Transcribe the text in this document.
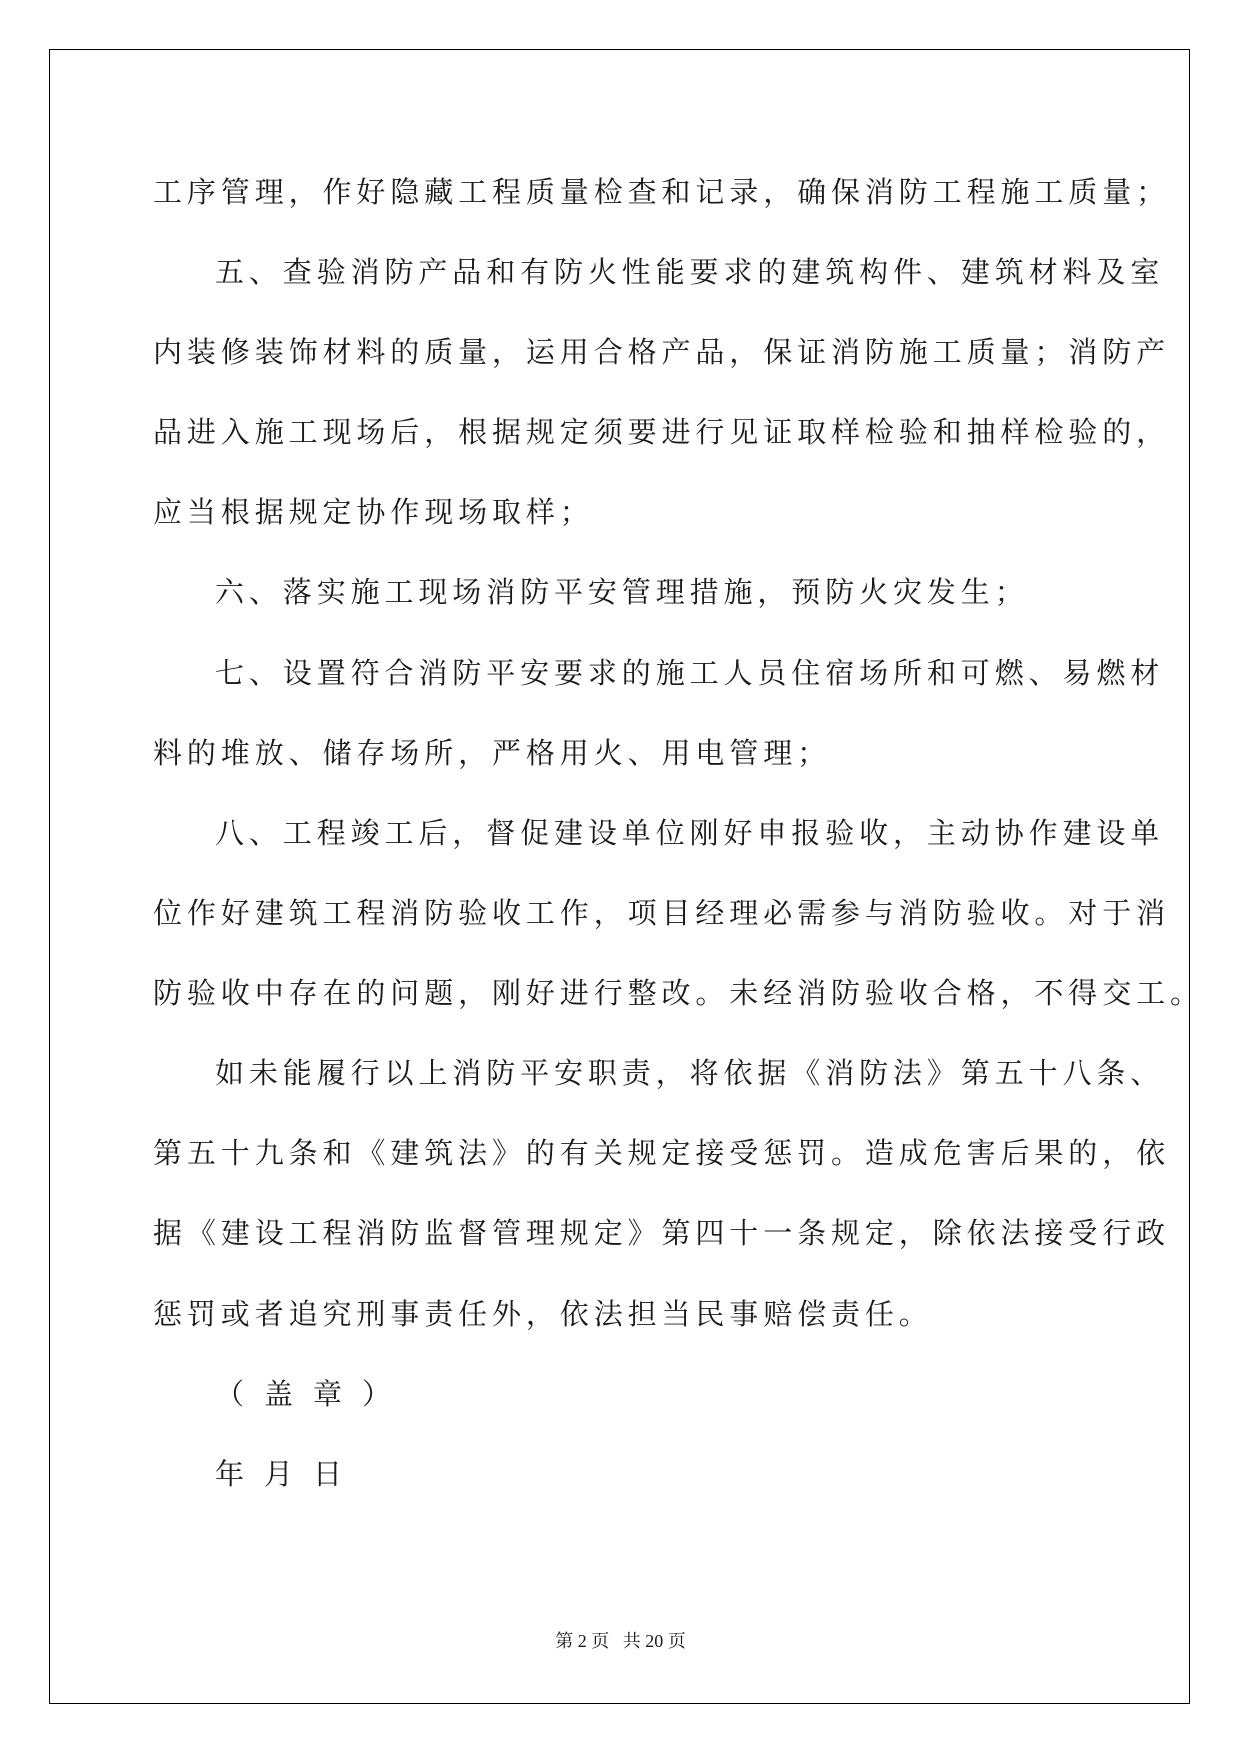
工序管理，作好隐藏工程质量检查和记录，确保消防工程施工质量；
五、查验消防产品和有防火性能要求的建筑构件、建筑材料及室
内装修装饰材料的质量，运用合格产品，保证消防施工质量；消防产
品进入施工现场后，根据规定须要进行见证取样检验和抽样检验的，
应当根据规定协作现场取样；
六、落实施工现场消防平安管理措施，预防火灾发生；
七、设置符合消防平安要求的施工人员住宿场所和可燃、易燃材
料的堆放、储存场所，严格用火、用电管理；
八、工程竣工后，督促建设单位刚好申报验收，主动协作建设单
位作好建筑工程消防验收工作，项目经理必需参与消防验收。对于消
防验收中存在的问题，刚好进行整改。未经消防验收合格，不得交工。
如未能履行以上消防平安职责，将依据《消防法》第五十八条、
第五十九条和《建筑法》的有关规定接受惩罚。造成危害后果的，依
据《建设工程消防监督管理规定》第四十一条规定，除依法接受行政
惩罚或者追究刑事责任外，依法担当民事赔偿责任。
（盖章）
年月日
第 2 页   共 20 页
